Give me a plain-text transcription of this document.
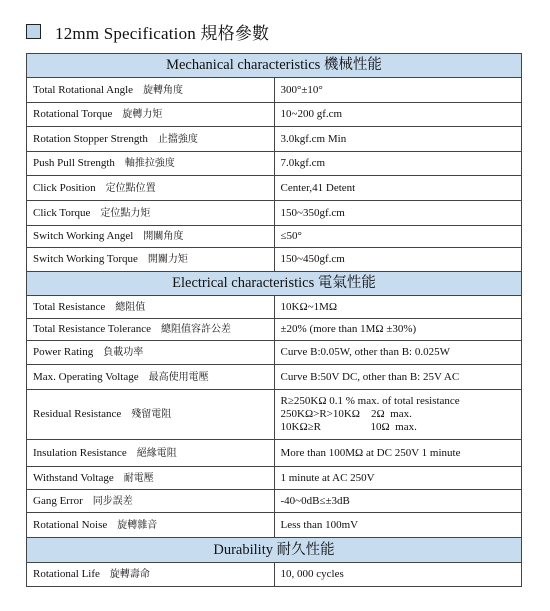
12mm Specification 規格參數
Mechanical characteristics 機械性能	
Total Rotational Angle 旋轉角度	300°±10°
Rotational Torque 旋轉力矩	10~200 gf.cm
Rotation Stopper Strength 止擋強度	3.0kgf.cm Min
Push Pull Strength 軸推拉強度	7.0kgf.cm
Click Position 定位點位置	Center,41 Detent
Click Torque 定位點力矩	150~350gf.cm
Switch Working Angel 開關角度	≤50°
Switch Working Torque 開關力矩	150~450gf.cm
Electrical characteristics 電氣性能	
Total Resistance 總阻值	10KΩ~1MΩ
Total Resistance Tolerance 總阻值容許公差	±20% (more than 1MΩ ±30%)
Power Rating 負載功率	Curve B:0.05W, other than B: 0.025W
Max. Operating Voltage 最高使用電壓	Curve B:50V DC, other than B: 25V AC
Residual Resistance 殘留電阻	R≥250KΩ 0.1 % max. of total resistance
250KΩ>R>10KΩ    2Ω  max.
10KΩ≥R                  10Ω  max.

Insulation Resistance 絕緣電阻	More than 100MΩ at DC 250V 1 minute
Withstand Voltage 耐電壓	1 minute at AC 250V
Gang Error 同步誤差	-40~0dB≤±3dB
Rotational Noise 旋轉雜音	Less than 100mV
Durability 耐久性能	
Rotational Life 旋轉壽命	10, 000 cycles
